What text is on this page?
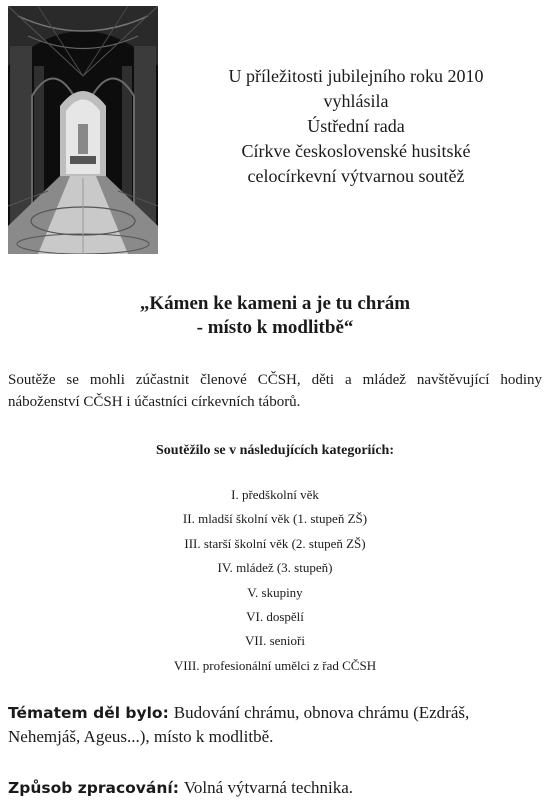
U příležitosti jubilejního roku 2010
vyhlásila
Ústřední rada
Církve československé husitské
celocírkevní výtvarnou soutěž
„Kámen ke kameni a je tu chrám
- místo k modlitbě“
Soutěže se mohli zúčastnit členové CČSH, děti a mládež navštěvující hodiny náboženství CČSH i účastníci církevních táborů.
Soutěžilo se v následujících kategoriích:
I. předškolní věk
II. mladší školní věk (1. stupeň ZŠ)
III. starší školní věk (2. stupeň ZŠ)
IV. mládež (3. stupeň)
V. skupiny
VI. dospělí
VII. senioři
VIII. profesionální umělci z řad CČSH
Tématem děl bylo: Budování chrámu, obnova chrámu (Ezdráš, Nehemjáš, Ageus...), místo k modlitbě.
Způsob zpracování: Volná výtvarná technika.
